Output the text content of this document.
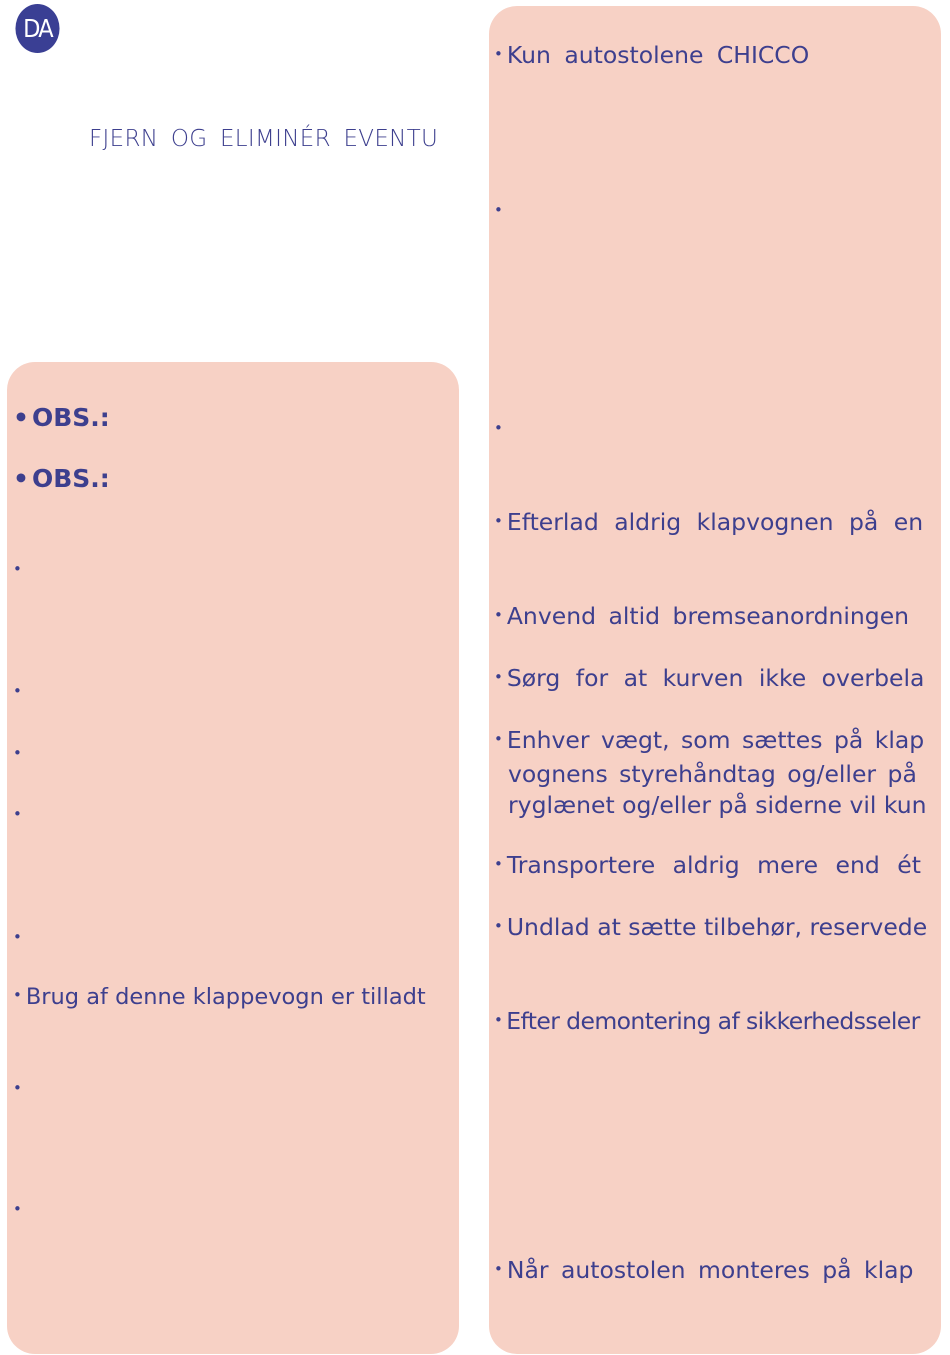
DA
FJERN OG ELIMINÉR EVENTU
• OBS.:
• OBS.:
•
•
•
•
•
• Brug af denne klappevogn er tilladt
•
•
• Kun autostolene CHICCO
•
•
• Efterlad aldrig klapvognen på en
• Anvend altid bremseanordningen
• Sørg for at kurven ikke overbela
• Enhver vægt, som sættes på klap
vognens styrehåndtag og/eller på
ryglænet og/eller på siderne vil kun
• Transportere aldrig mere end ét
• Undlad at sætte tilbehør, reservede
• Efter demontering af sikkerhedsseler
• Når autostolen monteres på klap
